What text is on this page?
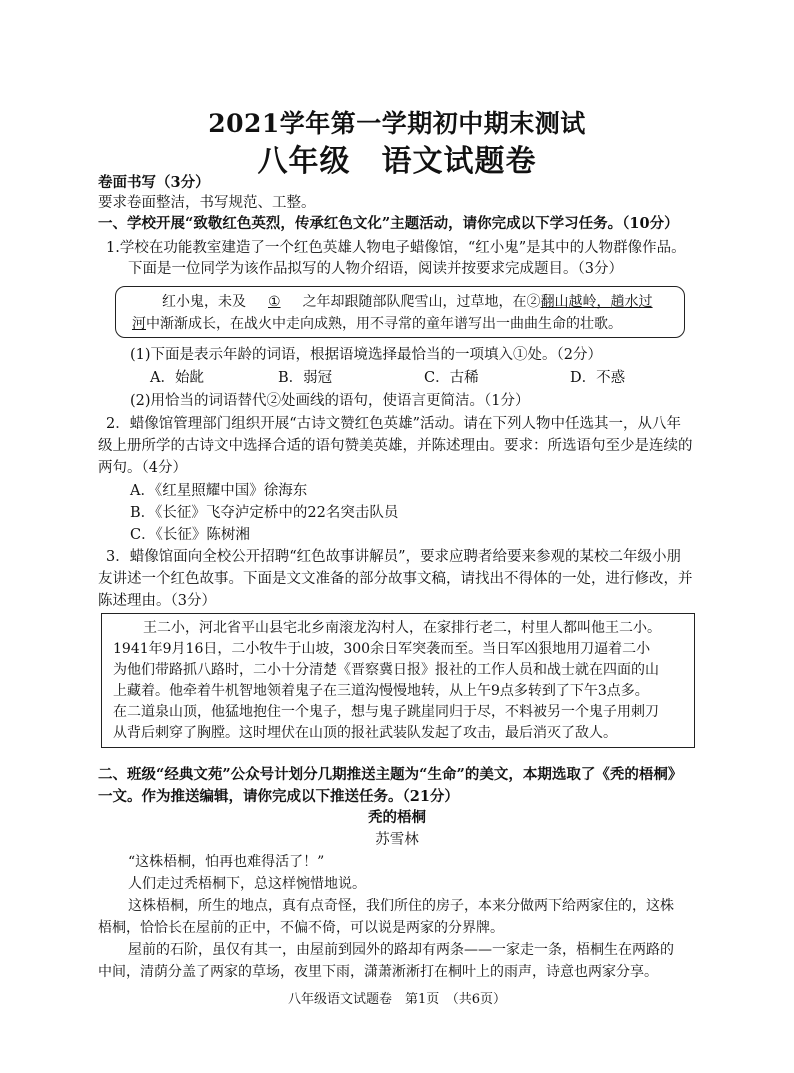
2021学年第一学期初中期末测试
八年级　语文试题卷
卷面书写（3分）
要求卷面整洁，书写规范、工整。
一、学校开展“致敬红色英烈，传承红色文化”主题活动，请你完成以下学习任务。（10分）
1.学校在功能教室建造了一个红色英雄人物电子蜡像馆，“红小鬼”是其中的人物群像作品。
下面是一位同学为该作品拟写的人物介绍语，阅读并按要求完成题目。（3分）
红小鬼，未及 ① 之年却跟随部队爬雪山，过草地，在②翻山越岭，趟水过
河中渐渐成长，在战火中走向成熟，用不寻常的童年谱写出一曲曲生命的壮歌。
(1)下面是表示年龄的词语，根据语境选择最恰当的一项填入①处。（2分）
A．始龀	B．弱冠	C．古稀	D．不惑
(2)用恰当的词语替代②处画线的语句，使语言更简洁。（1分）
2．蜡像馆管理部门组织开展“古诗文赞红色英雄”活动。请在下列人物中任选其一，从八年
级上册所学的古诗文中选择合适的语句赞美英雄，并陈述理由。要求：所选语句至少是连续的
两句。（4分）
A．《红星照耀中国》徐海东
B．《长征》飞夺泸定桥中的22名突击队员
C．《长征》陈树湘
3．蜡像馆面向全校公开招聘“红色故事讲解员”，要求应聘者给要来参观的某校二年级小朋
友讲述一个红色故事。下面是文文准备的部分故事文稿，请找出不得体的一处，进行修改，并
陈述理由。（3分）
王二小，河北省平山县宅北乡南滚龙沟村人，在家排行老二，村里人都叫他王二小。
1941年9月16日，二小牧牛于山坡，300余日军突袭而至。当日军凶狠地用刀逼着二小
为他们带路抓八路时，二小十分清楚《晋察冀日报》报社的工作人员和战士就在四面的山
上藏着。他牵着牛机智地领着鬼子在三道沟慢慢地转，从上午9点多转到了下午3点多。
在二道泉山顶，他猛地抱住一个鬼子，想与鬼子跳崖同归于尽，不料被另一个鬼子用刺刀
从背后刺穿了胸膛。这时埋伏在山顶的报社武装队发起了攻击，最后消灭了敌人。
二、班级“经典文苑”公众号计划分几期推送主题为“生命”的美文，本期选取了《秃的梧桐》
一文。作为推送编辑，请你完成以下推送任务。（21分）
秃的梧桐
苏雪林
“这株梧桐，怕再也难得活了！”
人们走过秃梧桐下，总这样惋惜地说。
这株梧桐，所生的地点，真有点奇怪，我们所住的房子，本来分做两下给两家住的，这株
梧桐，恰恰长在屋前的正中，不偏不倚，可以说是两家的分界牌。
屋前的石阶，虽仅有其一，由屋前到园外的路却有两条——一家走一条，梧桐生在两路的
中间，清荫分盖了两家的草场，夜里下雨，潇萧淅淅打在桐叶上的雨声，诗意也两家分享。
八年级语文试题卷　第1页　（共6页）
